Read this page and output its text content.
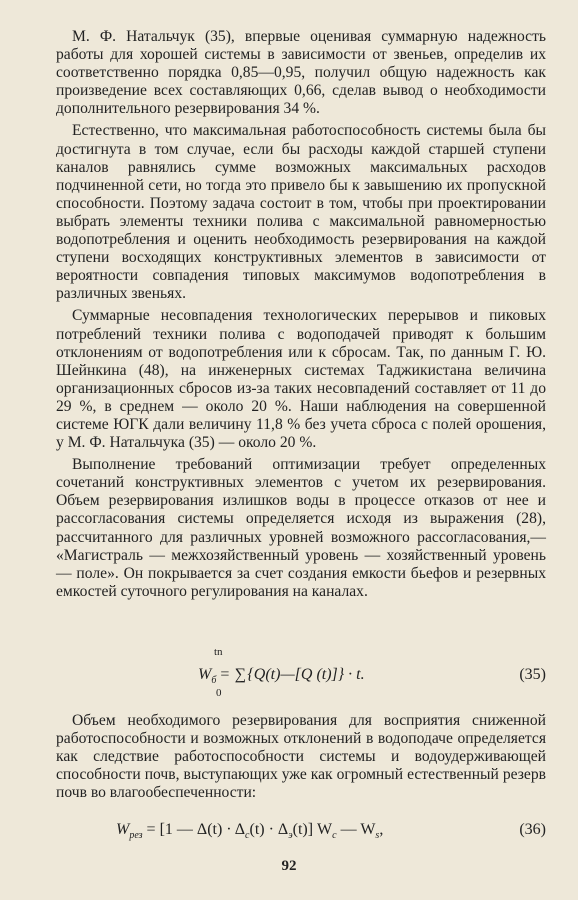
М. Ф. Натальчук (35), впервые оценивая суммарную надежность работы для хорошей системы в зависимости от звеньев, определив их соответственно порядка 0,85—0,95, получил общую надежность как произведение всех составляющих 0,66, сделав вывод о необходимости дополнительного резервирования 34 %.

Естественно, что максимальная работоспособность системы была бы достигнута в том случае, если бы расходы каждой старшей ступени каналов равнялись сумме возможных максимальных расходов подчиненной сети, но тогда это привело бы к завышению их пропускной способности. Поэтому задача состоит в том, чтобы при проектировании выбрать элементы техники полива с максимальной равномерностью водопотребления и оценить необходимость резервирования на каждой ступени восходящих конструктивных элементов в зависимости от вероятности совпадения типовых максимумов водопотребления в различных звеньях.

Суммарные несовпадения технологических перерывов и пиковых потреблений техники полива с водоподачей приводят к большим отклонениям от водопотребления или к сбросам. Так, по данным Г. Ю. Шейнкина (48), на инженерных системах Таджикистана величина организационных сбросов из-за таких несовпадений составляет от 11 до 29 %, в среднем — около 20 %. Наши наблюдения на совершенной системе ЮГК дали величину 11,8 % без учета сброса с полей орошения, у М. Ф. Натальчука (35) — около 20 %.

Выполнение требований оптимизации требует определенных сочетаний конструктивных элементов с учетом их резервирования. Объем резервирования излишков воды в процессе отказов от нее и рассогласования системы определяется исходя из выражения (28), рассчитанного для различных уровней возможного рассогласования,— «Магистраль — межхозяйственный уровень — хозяйственный уровень — поле». Он покрывается за счет создания емкости бьефов и резервных емкостей суточного регулирования на каналах.

tn
$W_б$ = ∑{Q(t)—[Q (t)]} · t.
0
(35)

Объем необходимого резервирования для восприятия сниженной работоспособности и возможных отклонений в водоподаче определяется как следствие работоспособности системы и водоудерживающей способности почв, выступающих уже как огромный естественный резерв почв во влагообеспеченности:

$W_{рез} = [1$ — $\Delta(t) \cdot \Delta_c(t) \cdot \Delta_э(t)$] $W_c$ — $W_s$,	(36)
92
